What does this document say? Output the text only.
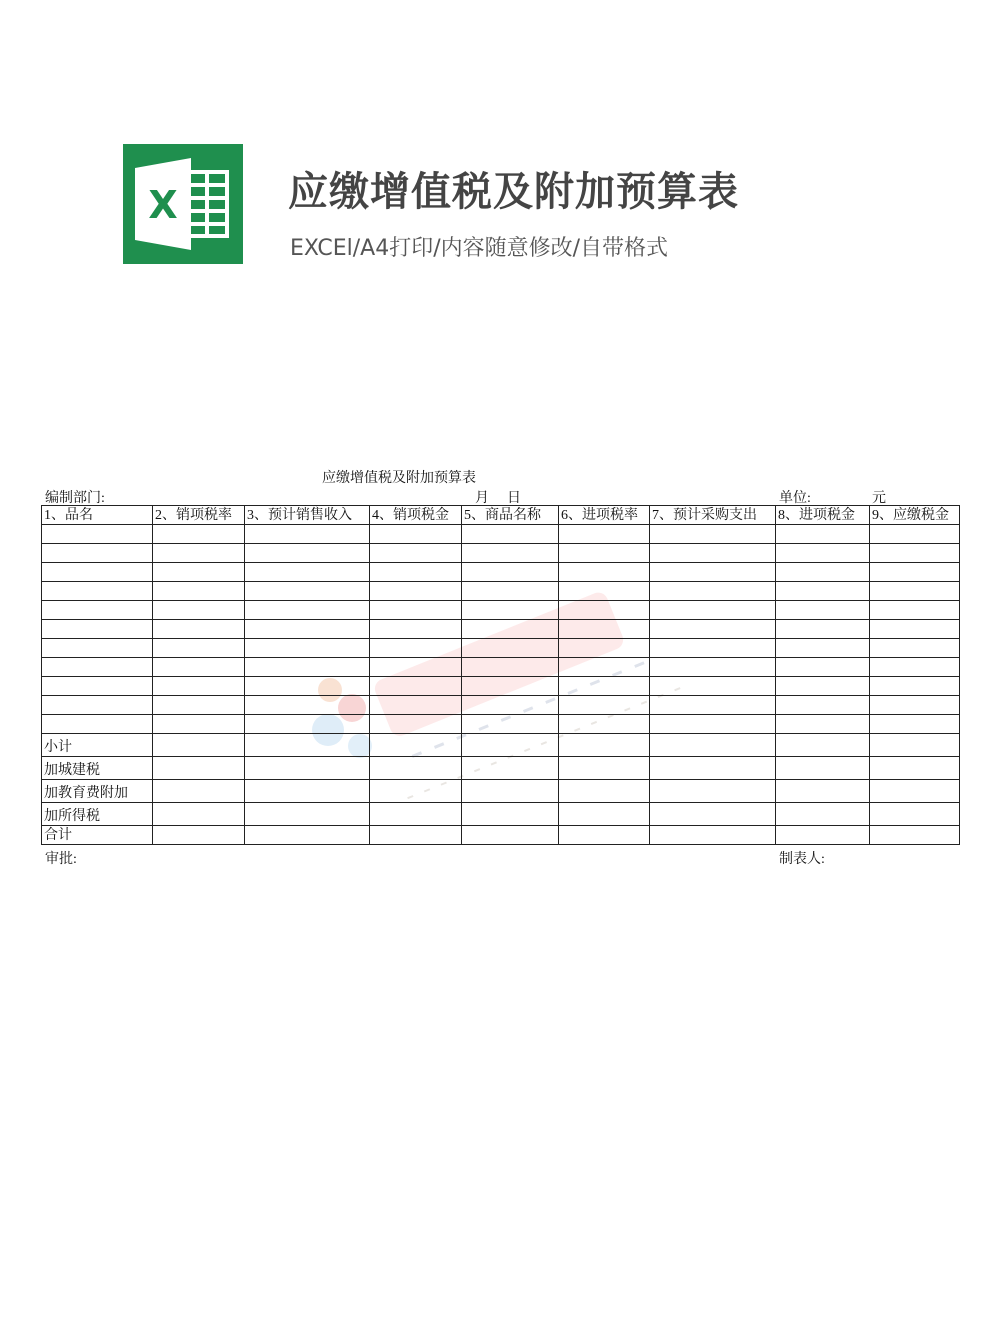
X	应缴增值税及附加预算表
EXCEl/A4打印/内容随意修改/自带格式
应缴增值税及附加预算表
编制部门:	月 日	单位:	元
1、品名	2、销项税率	3、预计销售收入	4、销项税金	5、商品名称	6、进项税率	7、预计采购支出	8、进项税金	9、应缴税金

小计								
加城建税								
加教育费附加								
加所得税								
合计								
审批:	制表人:
